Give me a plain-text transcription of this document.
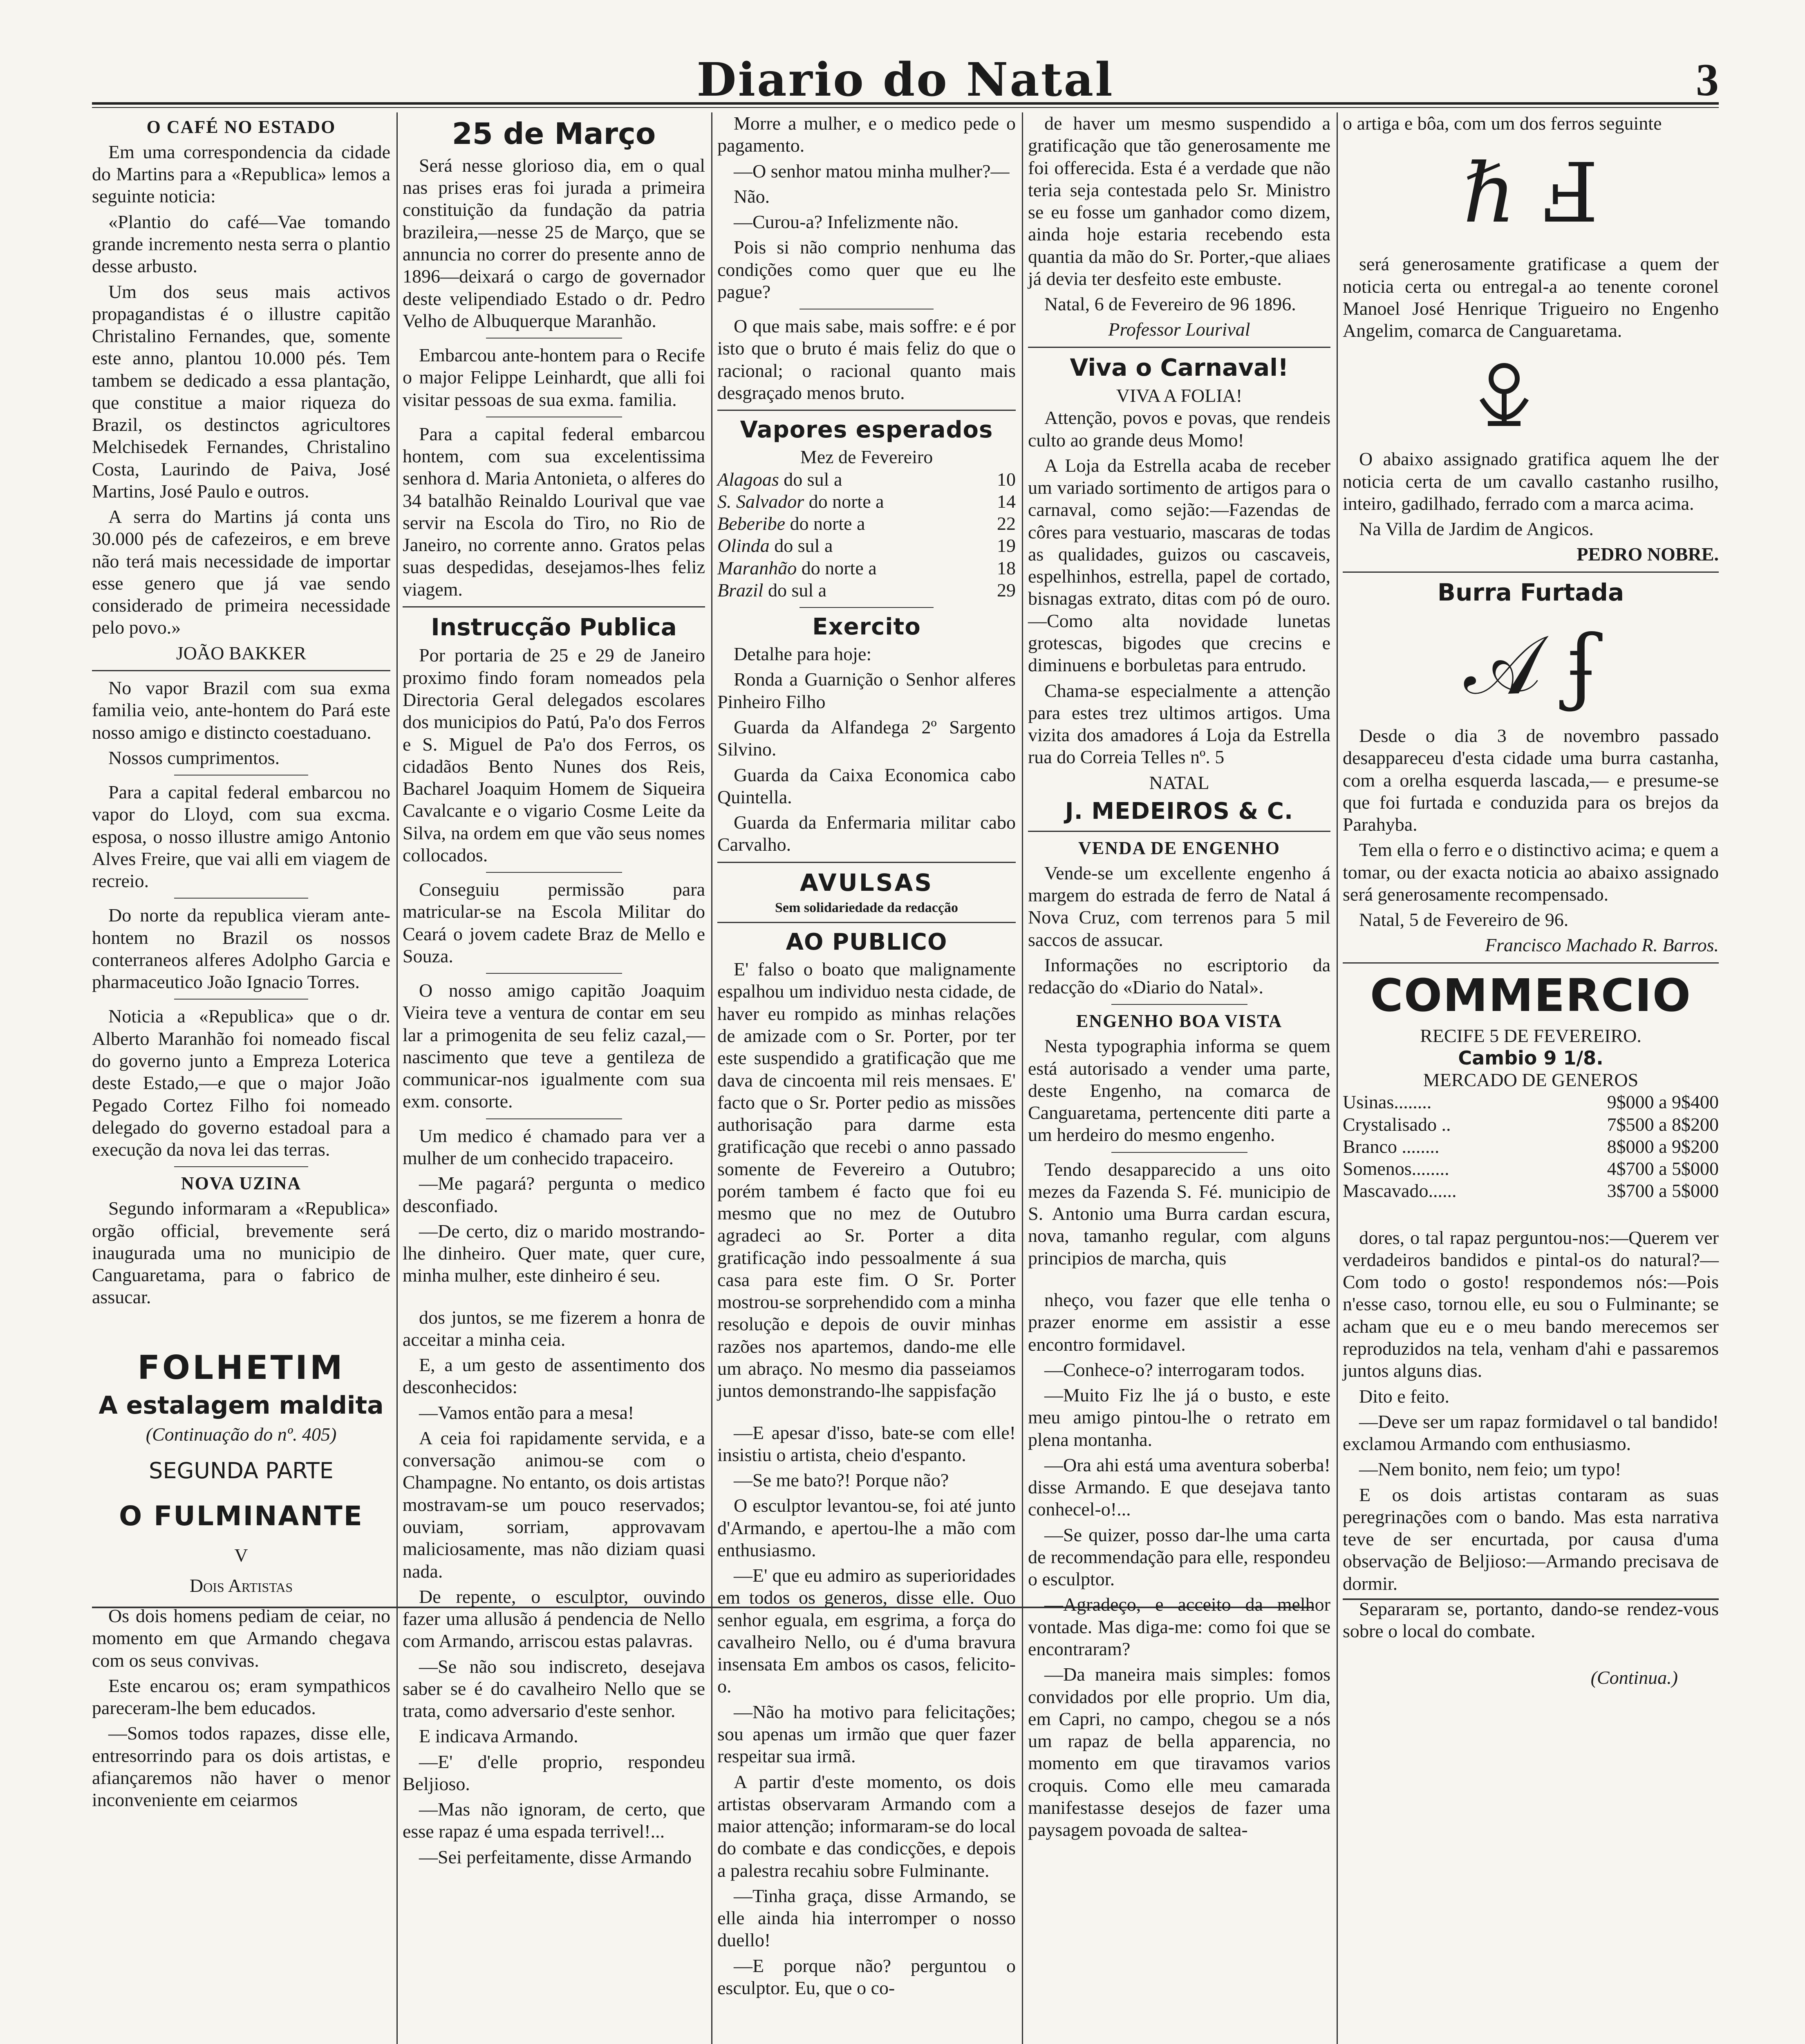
Diario do Natal	3
O CAFÉ NO ESTADO

Em uma correspondencia da cidade do Martins para a «Republica» lemos a seguinte noticia:

«Plantio do café—Vae tomando grande incremento nesta serra o plantio desse arbusto.

Um dos seus mais activos propagandistas é o illustre capitão Christalino Fernandes, que, somente este anno, plantou 10.000 pés. Tem tambem se dedicado a essa plantação, que constitue a maior riqueza do Brazil, os destinctos agricultores Melchisedek Fernandes, Christalino Costa, Laurindo de Paiva, José Martins, José Paulo e outros.

A serra do Martins já conta uns 30.000 pés de cafezeiros, e em breve não terá mais necessidade de importar esse genero que já vae sendo considerado de primeira necessidade pelo povo.»

JOÃO BAKKER

No vapor Brazil com sua exma familia veio, ante-hontem do Pará este nosso amigo e distincto coestaduano.

Nossos cumprimentos.

Para a capital federal embarcou no vapor do Lloyd, com sua excma. esposa, o nosso illustre amigo Antonio Alves Freire, que vai alli em viagem de recreio.

Do norte da republica vieram ante-hontem no Brazil os nossos conterraneos alferes Adolpho Garcia e pharmaceutico João Ignacio Torres.

Noticia a «Republica» que o dr. Alberto Maranhão foi nomeado fiscal do governo junto a Empreza Loterica deste Estado,—e que o major João Pegado Cortez Filho foi nomeado delegado do governo estadoal para a execução da nova lei das terras.

NOVA UZINA

Segundo informaram a «Republica» orgão official, brevemente será inaugurada uma no municipio de Canguaretama, para o fabrico de assucar.

FOLHETIM
A estalagem maldita
(Continuação do nº. 405)
SEGUNDA PARTE
O FULMINANTE
V
Dois Artistas

Os dois homens pediam de ceiar, no momento em que Armando chegava com os seus convivas.

Este encarou os; eram sympathicos pareceram-lhe bem educados.

—Somos todos rapazes, disse elle, entresorrindo para os dois artistas, e afiançaremos não haver o menor inconveniente em ceiarmos

25 de Março

Será nesse glorioso dia, em o qual nas prises eras foi jurada a primeira constituição da fundação da patria brazileira,—nesse 25 de Março, que se annuncia no correr do presente anno de 1896—deixará o cargo de governador deste velipendiado Estado o dr. Pedro Velho de Albuquerque Maranhão.

Embarcou ante-hontem para o Recife o major Felippe Leinhardt, que alli foi visitar pessoas de sua exma. familia.

Para a capital federal embarcou hontem, com sua excelentissima senhora d. Maria Antonieta, o alferes do 34 batalhão Reinaldo Lourival que vae servir na Escola do Tiro, no Rio de Janeiro, no corrente anno. Gratos pelas suas despedidas, desejamos-lhes feliz viagem.

Instrucção Publica

Por portaria de 25 e 29 de Janeiro proximo findo foram nomeados pela Directoria Geral delegados escolares dos municipios do Patú, Pa'o dos Ferros e S. Miguel de Pa'o dos Ferros, os cidadãos Bento Nunes dos Reis, Bacharel Joaquim Homem de Siqueira Cavalcante e o vigario Cosme Leite da Silva, na ordem em que vão seus nomes collocados.

Conseguiu permissão para matricular-se na Escola Militar do Ceará o jovem cadete Braz de Mello e Souza.

O nosso amigo capitão Joaquim Vieira teve a ventura de contar em seu lar a primogenita de seu feliz cazal,—nascimento que teve a gentileza de communicar-nos igualmente com sua exm. consorte.

Um medico é chamado para ver a mulher de um conhecido trapaceiro.

—Me pagará? pergunta o medico desconfiado.

—De certo, diz o marido mostrando-lhe dinheiro. Quer mate, quer cure, minha mulher, este dinheiro é seu.

dos juntos, se me fizerem a honra de acceitar a minha ceia.

E, a um gesto de assentimento dos desconhecidos:

—Vamos então para a mesa!

A ceia foi rapidamente servida, e a conversação animou-se com o Champagne. No entanto, os dois artistas mostravam-se um pouco reservados; ouviam, sorriam, approvavam maliciosamente, mas não diziam quasi nada.

De repente, o esculptor, ouvindo fazer uma allusão á pendencia de Nello com Armando, arriscou estas palavras.

—Se não sou indiscreto, desejava saber se é do cavalheiro Nello que se trata, como adversario d'este senhor.

E indicava Armando.

—E' d'elle proprio, respondeu Beljioso.

—Mas não ignoram, de certo, que esse rapaz é uma espada terrivel!...

—Sei perfeitamente, disse Armando

Morre a mulher, e o medico pede o pagamento.

—O senhor matou minha mulher?—

Não.

—Curou-a? Infelizmente não.

Pois si não comprio nenhuma das condições como quer que eu lhe pague?

O que mais sabe, mais soffre: e é por isto que o bruto é mais feliz do que o racional; o racional quanto mais desgraçado menos bruto.

Vapores esperados
Mez de Fevereiro
Alagoas do sul a	10
S. Salvador do norte a	14
Beberibe do norte a	22
Olinda do sul a	19
Maranhão do norte a	18
Brazil do sul a	29
Exercito

Detalhe para hoje:

Ronda a Guarnição o Senhor alferes Pinheiro Filho

Guarda da Alfandega 2º Sargento Silvino.

Guarda da Caixa Economica cabo Quintella.

Guarda da Enfermaria militar cabo Carvalho.

AVULSAS
Sem solidariedade da redacção
AO PUBLICO

E' falso o boato que malignamente espalhou um individuo nesta cidade, de haver eu rompido as minhas relações de amizade com o Sr. Porter, por ter este suspendido a gratificação que me dava de cincoenta mil reis mensaes. E' facto que o Sr. Porter pedio as missões authorisação para darme esta gratificação que recebi o anno passado somente de Fevereiro a Outubro; porém tambem é facto que foi eu mesmo que no mez de Outubro agradeci ao Sr. Porter a dita gratificação indo pessoalmente á sua casa para este fim. O Sr. Porter mostrou-se sorprehendido com a minha resolução e depois de ouvir minhas razões nos apartemos, dando-me elle um abraço. No mesmo dia passeiamos juntos demonstrando-lhe sappisfação

—E apesar d'isso, bate-se com elle! insistiu o artista, cheio d'espanto.

—Se me bato?! Porque não?

O esculptor levantou-se, foi até junto d'Armando, e apertou-lhe a mão com enthusiasmo.

—E' que eu admiro as superioridades em todos os generos, disse elle. Ouo senhor eguala, em esgrima, a força do cavalheiro Nello, ou é d'uma bravura insensata Em ambos os casos, felicito-o.

—Não ha motivo para felicitações; sou apenas um irmão que quer fazer respeitar sua irmã.

A partir d'este momento, os dois artistas observaram Armando com a maior attenção; informaram-se do local do combate e das condicções, e depois a palestra recahiu sobre Fulminante.

—Tinha graça, disse Armando, se elle ainda hia interromper o nosso duello!

—E porque não? perguntou o esculptor. Eu, que o co-

de haver um mesmo suspendido a gratificação que tão generosamente me foi offerecida. Esta é a verdade que não teria seja contestada pelo Sr. Ministro se eu fosse um ganhador como dizem, ainda hoje estaria recebendo esta quantia da mão do Sr. Porter,-que aliaes já devia ter desfeito este embuste.

Natal, 6 de Fevereiro de 96 1896.

Professor Lourival
Viva o Carnaval!
VIVA A FOLIA!

Attenção, povos e povas, que rendeis culto ao grande deus Momo!

A Loja da Estrella acaba de receber um variado sortimento de artigos para o carnaval, como sejão:—Fazendas de côres para vestuario, mascaras de todas as qualidades, guizos ou cascaveis, espelhinhos, estrella, papel de cortado, bisnagas extrato, ditas com pó de ouro.—Como alta novidade lunetas grotescas, bigodes que crecins e diminuens e borbuletas para entrudo.

Chama-se especialmente a attenção para estes trez ultimos artigos. Uma vizita dos amadores á Loja da Estrella rua do Correia Telles nº. 5

NATAL
J. MEDEIROS & C.
VENDA DE ENGENHO

Vende-se um excellente engenho á margem do estrada de ferro de Natal á Nova Cruz, com terrenos para 5 mil saccos de assucar.

Informações no escriptorio da redacção do «Diario do Natal».

ENGENHO BOA VISTA

Nesta typographia informa se quem está autorisado a vender uma parte, deste Engenho, na comarca de Canguaretama, pertencente diti parte a um herdeiro do mesmo engenho.

Tendo desapparecido a uns oito mezes da Fazenda S. Fé. municipio de S. Antonio uma Burra cardan escura, nova, tamanho regular, com alguns principios de marcha, quis

nheço, vou fazer que elle tenha o prazer enorme em assistir a esse encontro formidavel.

—Conhece-o? interrogaram todos.

—Muito Fiz lhe já o busto, e este meu amigo pintou-lhe o retrato em plena montanha.

—Ora ahi está uma aventura soberba! disse Armando. E que desejava tanto conhecel-o!...

—Se quizer, posso dar-lhe uma carta de recommendação para elle, respondeu o esculptor.

—Agradeço, e acceito da melhor vontade. Mas diga-me: como foi que se encontraram?

—Da maneira mais simples: fomos convidados por elle proprio. Um dia, em Capri, no campo, chegou se a nós um rapaz de bella apparencia, no momento em que tiravamos varios croquis. Como elle meu camarada manifestasse desejos de fazer uma paysagem povoada de saltea-

o artiga e bôa, com um dos ferros seguinte

ℏ Ⅎ

será generosamente gratificase a quem der noticia certa ou entregal-a ao tenente coronel Manoel José Henrique Trigueiro no Engenho Angelim, comarca de Canguaretama.

O abaixo assignado gratifica aquem lhe der noticia certa de um cavallo castanho rusilho, inteiro, gadilhado, ferrado com a marca acima.

Na Villa de Jardim de Angicos.

PEDRO NOBRE.
Burra Furtada
𝒜 ʄ

Desde o dia 3 de novembro passado desappareceu d'esta cidade uma burra castanha, com a orelha esquerda lascada,— e presume-se que foi furtada e conduzida para os brejos da Parahyba.

Tem ella o ferro e o distinctivo acima; e quem a tomar, ou der exacta noticia ao abaixo assignado será generosamente recompensado.

Natal, 5 de Fevereiro de 96.

Francisco Machado R. Barros.

COMMERCIO
RECIFE 5 DE FEVEREIRO.
Cambio 9 1/8.
MERCADO DE GENEROS
Usinas........	9$000 a 9$400
Crystalisado ..	7$500 a 8$200
Branco ........	8$000 a 9$200
Somenos........	4$700 a 5$000
Mascavado......	3$700 a 5$000

dores, o tal rapaz perguntou-nos:—Querem ver verdadeiros bandidos e pintal-os do natural?—Com todo o gosto! respondemos nós:—Pois n'esse caso, tornou elle, eu sou o Fulminante; se acham que eu e o meu bando merecemos ser reproduzidos na tela, venham d'ahi e passaremos juntos alguns dias.

Dito e feito.

—Deve ser um rapaz formidavel o tal bandido! exclamou Armando com enthusiasmo.

—Nem bonito, nem feio; um typo!

E os dois artistas contaram as suas peregrinações com o bando. Mas esta narrativa teve de ser encurtada, por causa d'uma observação de Beljioso:—Armando precisava de dormir.

Separaram se, portanto, dando-se rendez-vous sobre o local do combate.

(Continua.)
